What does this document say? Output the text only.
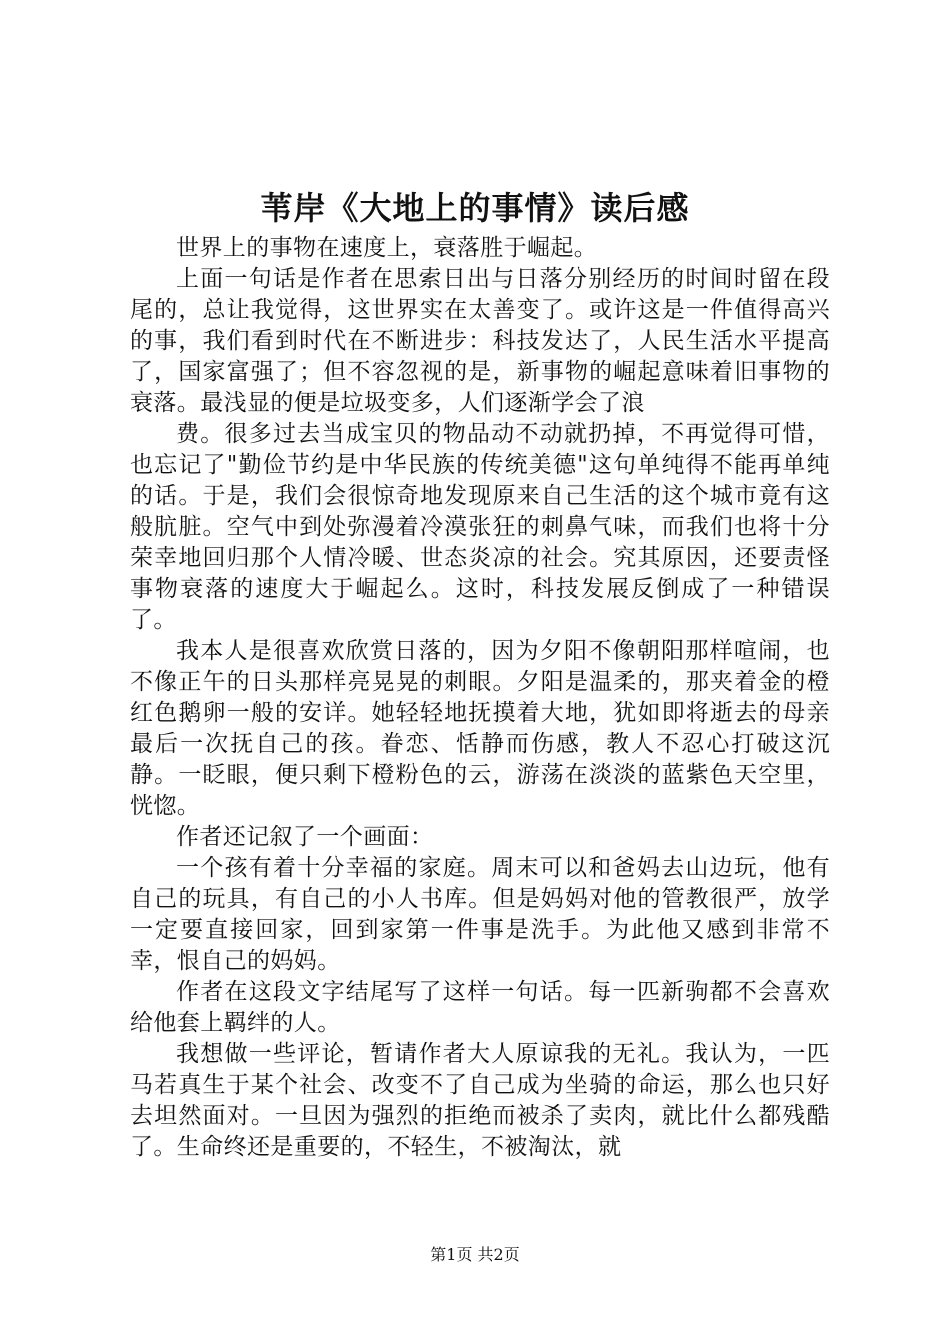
苇岸《大地上的事情》读后感

世界上的事物在速度上，衰落胜于崛起。

上面一句话是作者在思索日出与日落分别经历的时间时留在段尾的，总让我觉得，这世界实在太善变了。或许这是一件值得高兴的事，我们看到时代在不断进步：科技发达了，人民生活水平提高了，国家富强了；但不容忽视的是，新事物的崛起意味着旧事物的衰落。最浅显的便是垃圾变多，人们逐渐学会了浪

费。很多过去当成宝贝的物品动不动就扔掉，不再觉得可惜，也忘记了"勤俭节约是中华民族的传统美德"这句单纯得不能再单纯的话。于是，我们会很惊奇地发现原来自己生活的这个城市竟有这般肮脏。空气中到处弥漫着冷漠张狂的刺鼻气味，而我们也将十分荣幸地回归那个人情冷暖、世态炎凉的社会。究其原因，还要责怪事物衰落的速度大于崛起么。这时，科技发展反倒成了一种错误了。

我本人是很喜欢欣赏日落的，因为夕阳不像朝阳那样喧闹，也不像正午的日头那样亮晃晃的刺眼。夕阳是温柔的，那夹着金的橙红色鹅卵一般的安详。她轻轻地抚摸着大地，犹如即将逝去的母亲最后一次抚自己的孩。眷恋、恬静而伤感，教人不忍心打破这沉静。一眨眼，便只剩下橙粉色的云，游荡在淡淡的蓝紫色天空里，恍惚。

作者还记叙了一个画面：

一个孩有着十分幸福的家庭。周末可以和爸妈去山边玩，他有自己的玩具，有自己的小人书库。但是妈妈对他的管教很严，放学一定要直接回家，回到家第一件事是洗手。为此他又感到非常不幸，恨自己的妈妈。

作者在这段文字结尾写了这样一句话。每一匹新驹都不会喜欢给他套上羁绊的人。

我想做一些评论，暂请作者大人原谅我的无礼。我认为，一匹马若真生于某个社会、改变不了自己成为坐骑的命运，那么也只好去坦然面对。一旦因为强烈的拒绝而被杀了卖肉，就比什么都残酷了。生命终还是重要的，不轻生，不被淘汰，就

第1页 共2页
